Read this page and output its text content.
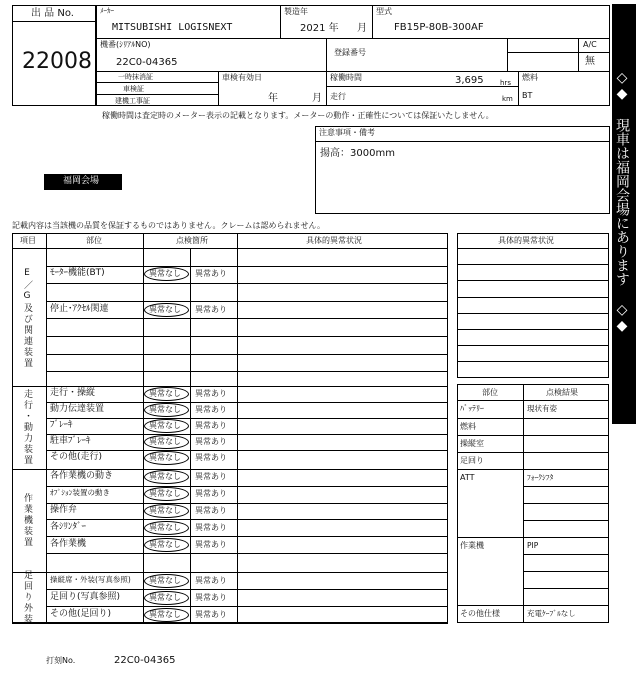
出 品 No.
22008
ﾒｰｶｰ
MITSUBISHI LOGISNEXT
製造年
2021 年 月
型式
FB15P-80B-300AF
機番(ｼﾘｱﾙNO)
22C0-04365
登録番号
A/C
無
一時抹消証
車検証
建機工事証
車検有効日
年	月
稼働時間	3,695 hrs
走行	km
燃料
BT
稼働時間は査定時のメーター表示の記載となります。メーターの動作・正確性については保証いたしません。
注意事項・備考
揚高：3000mm
福岡会場	◇◆ 現車は福岡会場にあります ◇◆
記載内容は当該機の品質を保証するものではありません。クレームは認められません。
項目	部位	点検箇所	具体的異常状況
E／G及び関連装置 ﾓｰﾀｰ機能(BT)	異常なし 異常あり
停止･ｱｸｾﾙ関連	異常なし 異常あり
走行・動力装置 走行・操縦	異常なし 異常あり
動力伝達装置	異常なし 異常あり
ﾌﾞﾚｰｷ	異常なし 異常あり
駐車ﾌﾞﾚｰｷ	異常なし 異常あり
その他(走行)	異常なし 異常あり
作業機装置
各作業機の動き	異常なし 異常あり
ｵﾌﾟｼｮﾝ装置の動き	異常なし 異常あり
操作弁	異常なし 異常あり
各ｼﾘﾝﾀﾞｰ	異常なし 異常あり
各作業機	異常なし 異常あり
足回り外装 操縦席・外装(写真参照) 異常なし 異常あり
足回り(写真参照)	異常なし 異常あり
その他(足回り)	異常なし 異常あり
具体的異常状況
部位	点検結果
ﾊﾞｯﾃﾘｰ	現状有姿
燃料
操縦室
足回り
ATT	ﾌｫｰｸｼﾌﾀ
作業機	PIP
その他仕様	充電ｹｰﾌﾞﾙなし
打刻No.	22C0-04365
